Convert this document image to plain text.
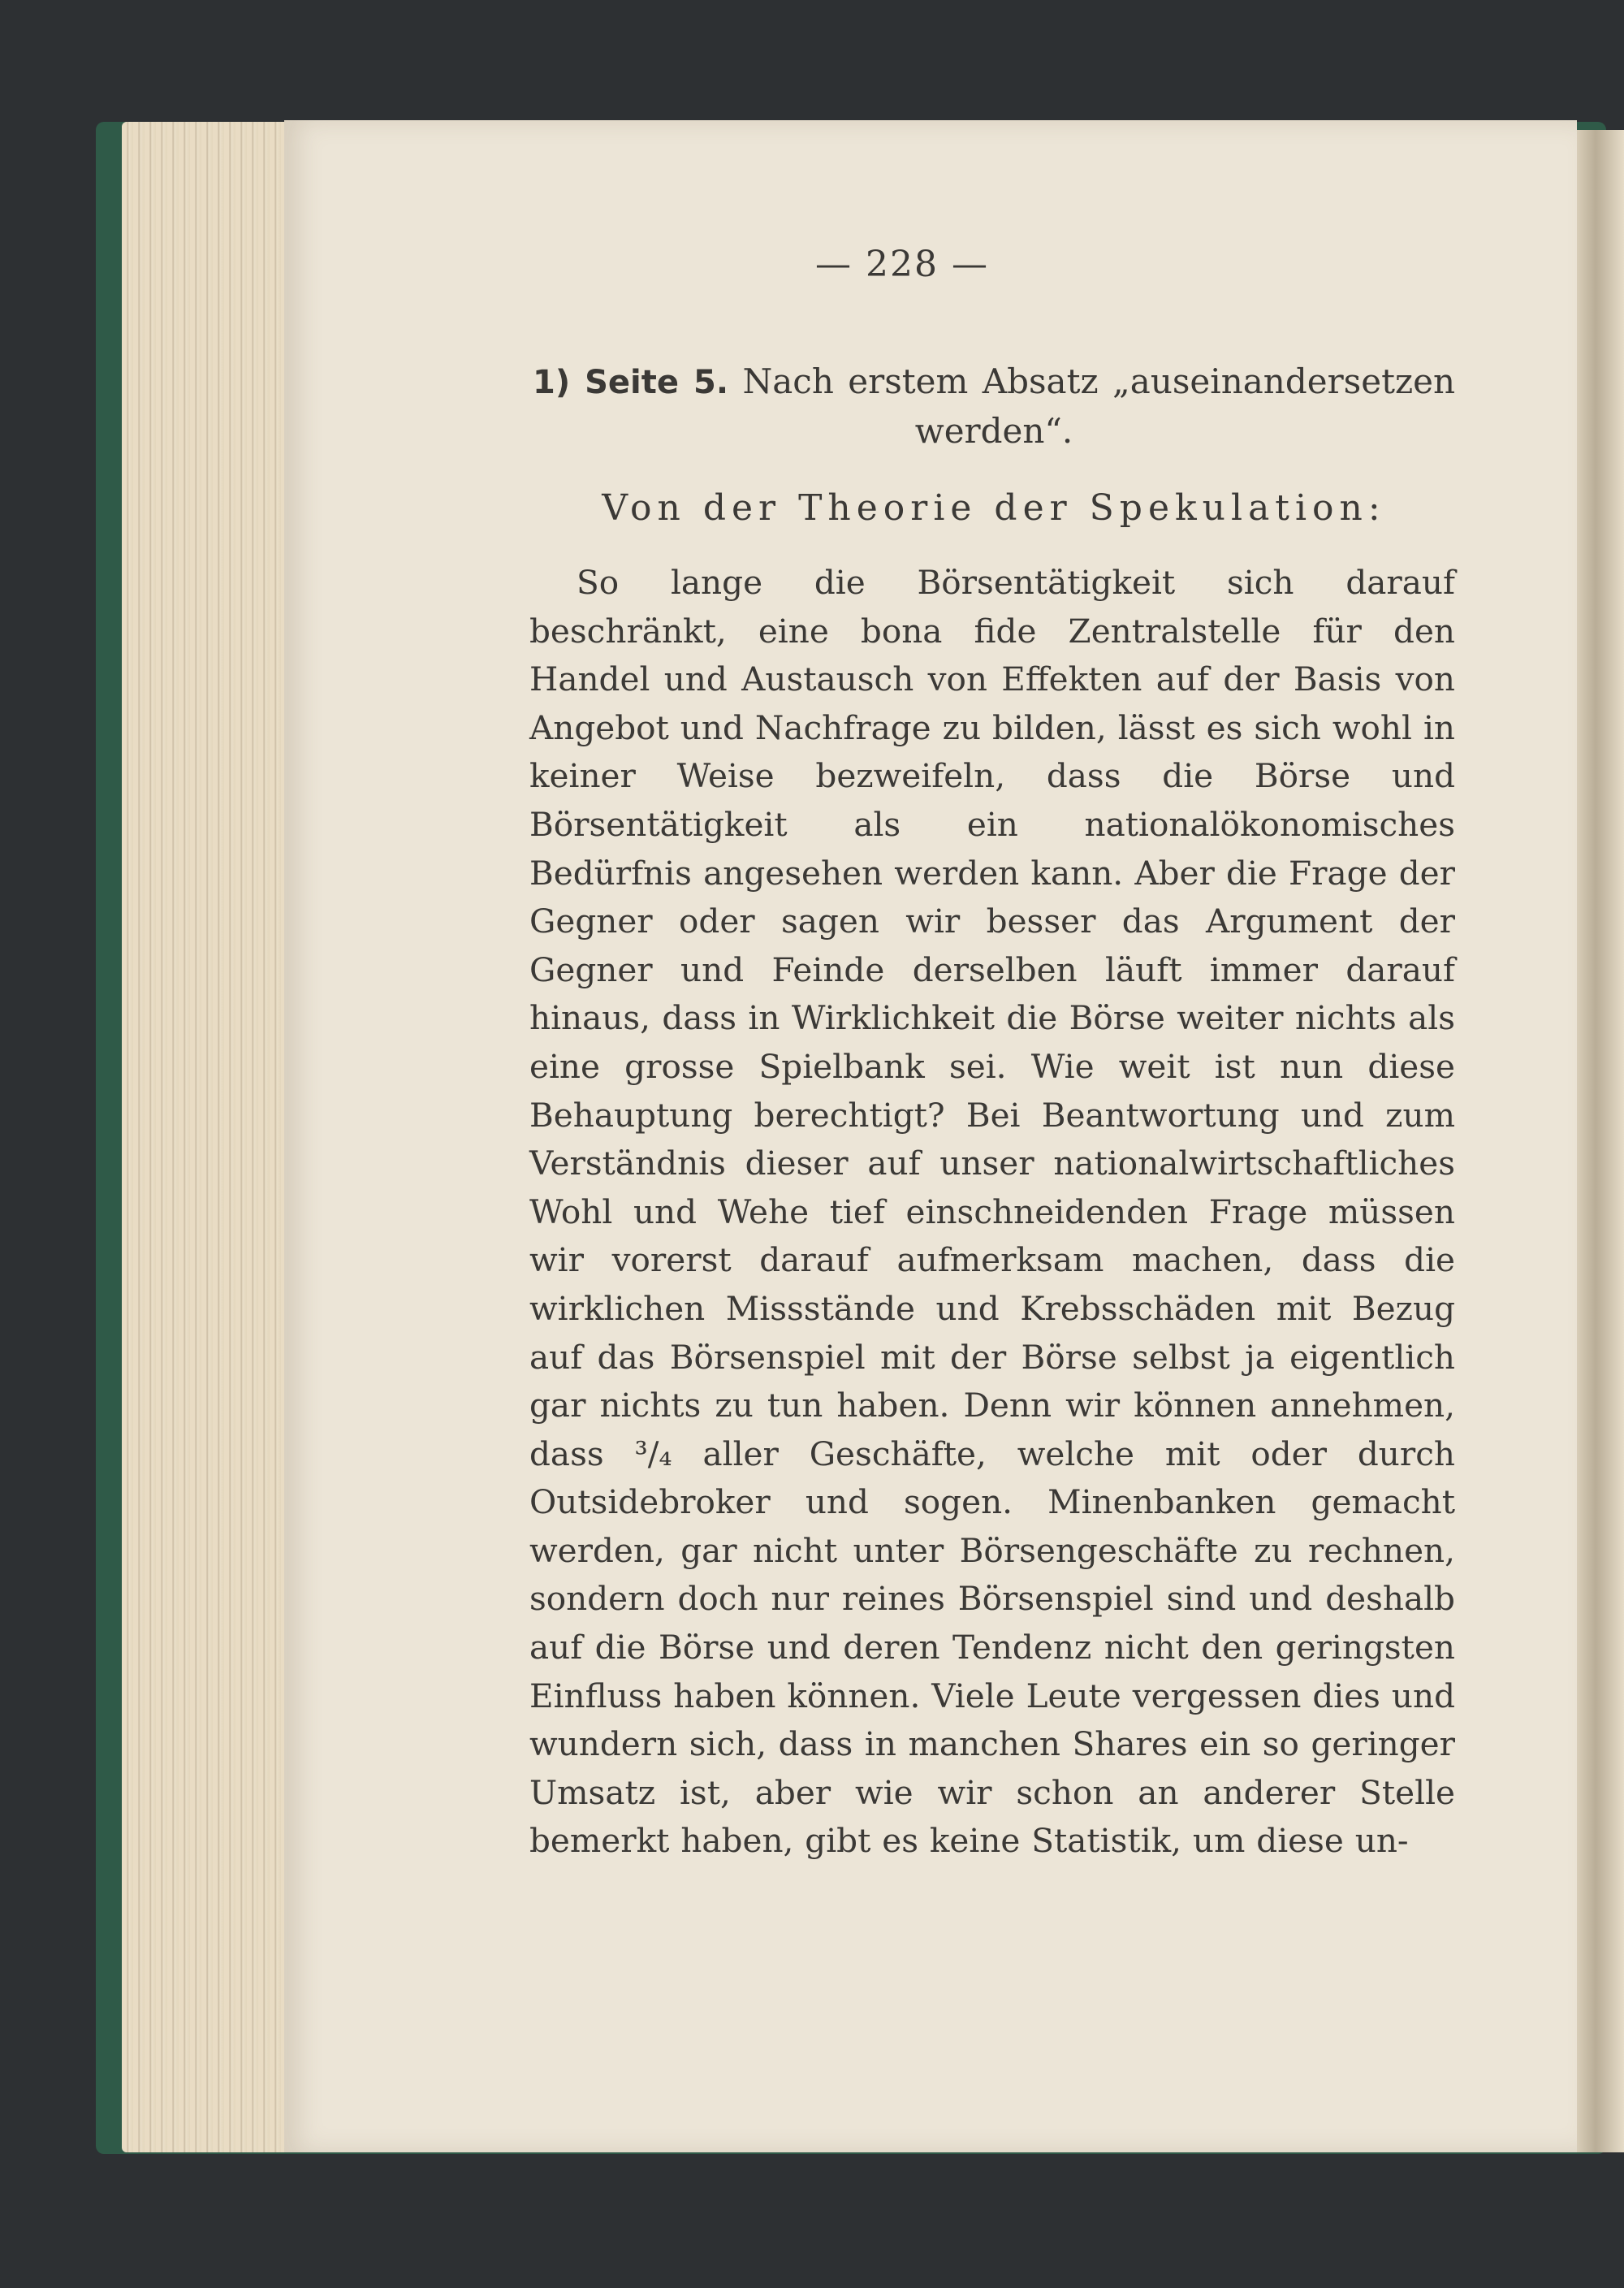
— 228 —
1) Seite 5. Nach erstem Absatz „auseinandersetzen werden“.
Von der Theorie der Spekulation:
So lange die Börsentätigkeit sich darauf beschränkt, eine bona fide Zentralstelle für den Handel und Austausch von Effekten auf der Basis von Angebot und Nachfrage zu bilden, lässt es sich wohl in keiner Weise bezweifeln, dass die Börse und Börsentätigkeit als ein nationalökonomisches Bedürfnis angesehen werden kann. Aber die Frage der Gegner oder sagen wir besser das Argument der Gegner und Feinde derselben läuft immer darauf hinaus, dass in Wirklichkeit die Börse weiter nichts als eine grosse Spielbank sei. Wie weit ist nun diese Behauptung berechtigt? Bei Beantwortung und zum Verständnis dieser auf unser nationalwirtschaftliches Wohl und Wehe tief einschneidenden Frage müssen wir vorerst darauf aufmerksam machen, dass die wirklichen Missstände und Krebsschäden mit Bezug auf das Börsenspiel mit der Börse selbst ja eigentlich gar nichts zu tun haben. Denn wir können annehmen, dass ³/₄ aller Geschäfte, welche mit oder durch Outsidebroker und sogen. Minenbanken gemacht werden, gar nicht unter Börsengeschäfte zu rechnen, sondern doch nur reines Börsenspiel sind und deshalb auf die Börse und deren Tendenz nicht den geringsten Einfluss haben können. Viele Leute vergessen dies und wundern sich, dass in manchen Shares ein so geringer Umsatz ist, aber wie wir schon an anderer Stelle bemerkt haben, gibt es keine Statistik, um diese un-
